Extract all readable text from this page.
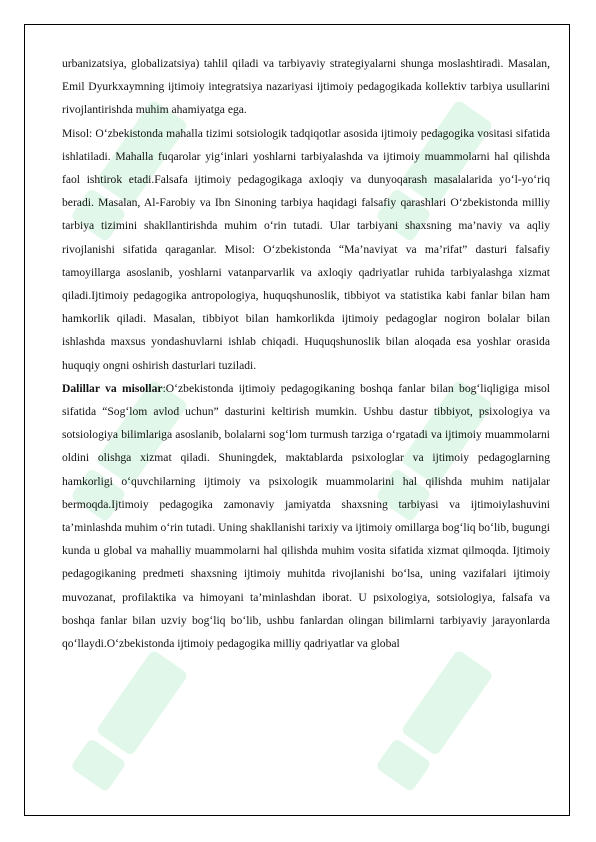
urbanizatsiya, globalizatsiya) tahlil qiladi va tarbiyaviy strategiyalarni shunga moslashtiradi. Masalan, Emil Dyurkxaymning ijtimoiy integratsiya nazariyasi ijtimoiy pedagogikada kollektiv tarbiya usullarini rivojlantirishda muhim ahamiyatga ega.

Misol: O‘zbekistonda mahalla tizimi sotsiologik tadqiqotlar asosida ijtimoiy pedagogika vositasi sifatida ishlatiladi. Mahalla fuqarolar yig‘inlari yoshlarni tarbiyalashda va ijtimoiy muammolarni hal qilishda faol ishtirok etadi.Falsafa ijtimoiy pedagogikaga axloqiy va dunyoqarash masalalarida yo‘l-yo‘riq beradi. Masalan, Al-Farobiy va Ibn Sinoning tarbiya haqidagi falsafiy qarashlari O‘zbekistonda milliy tarbiya tizimini shakllantirishda muhim o‘rin tutadi. Ular tarbiyani shaxsning ma’naviy va aqliy rivojlanishi sifatida qaraganlar. Misol: O‘zbekistonda “Ma’naviyat va ma’rifat” dasturi falsafiy tamoyillarga asoslanib, yoshlarni vatanparvarlik va axloqiy qadriyatlar ruhida tarbiyalashga xizmat qiladi.Ijtimoiy pedagogika antropologiya, huquqshunoslik, tibbiyot va statistika kabi fanlar bilan ham hamkorlik qiladi. Masalan, tibbiyot bilan hamkorlikda ijtimoiy pedagoglar nogiron bolalar bilan ishlashda maxsus yondashuvlarni ishlab chiqadi. Huquqshunoslik bilan aloqada esa yoshlar orasida huquqiy ongni oshirish dasturlari tuziladi.

Dalillar va misollar:O‘zbekistonda ijtimoiy pedagogikaning boshqa fanlar bilan bog‘liqligiga misol sifatida “Sog‘lom avlod uchun” dasturini keltirish mumkin. Ushbu dastur tibbiyot, psixologiya va sotsiologiya bilimlariga asoslanib, bolalarni sog‘lom turmush tarziga o‘rgatadi va ijtimoiy muammolarni oldini olishga xizmat qiladi. Shuningdek, maktablarda psixologlar va ijtimoiy pedagoglarning hamkorligi o‘quvchilarning ijtimoiy va psixologik muammolarini hal qilishda muhim natijalar bermoqda.Ijtimoiy pedagogika zamonaviy jamiyatda shaxsning tarbiyasi va ijtimoiylashuvini ta’minlashda muhim o‘rin tutadi. Uning shakllanishi tarixiy va ijtimoiy omillarga bog‘liq bo‘lib, bugungi kunda u global va mahalliy muammolarni hal qilishda muhim vosita sifatida xizmat qilmoqda. Ijtimoiy pedagogikaning predmeti shaxsning ijtimoiy muhitda rivojlanishi bo‘lsa, uning vazifalari ijtimoiy muvozanat, profilaktika va himoyani ta’minlashdan iborat. U psixologiya, sotsiologiya, falsafa va boshqa fanlar bilan uzviy bog‘liq bo‘lib, ushbu fanlardan olingan bilimlarni tarbiyaviy jarayonlarda qo‘llaydi.O‘zbekistonda ijtimoiy pedagogika milliy qadriyatlar va global
